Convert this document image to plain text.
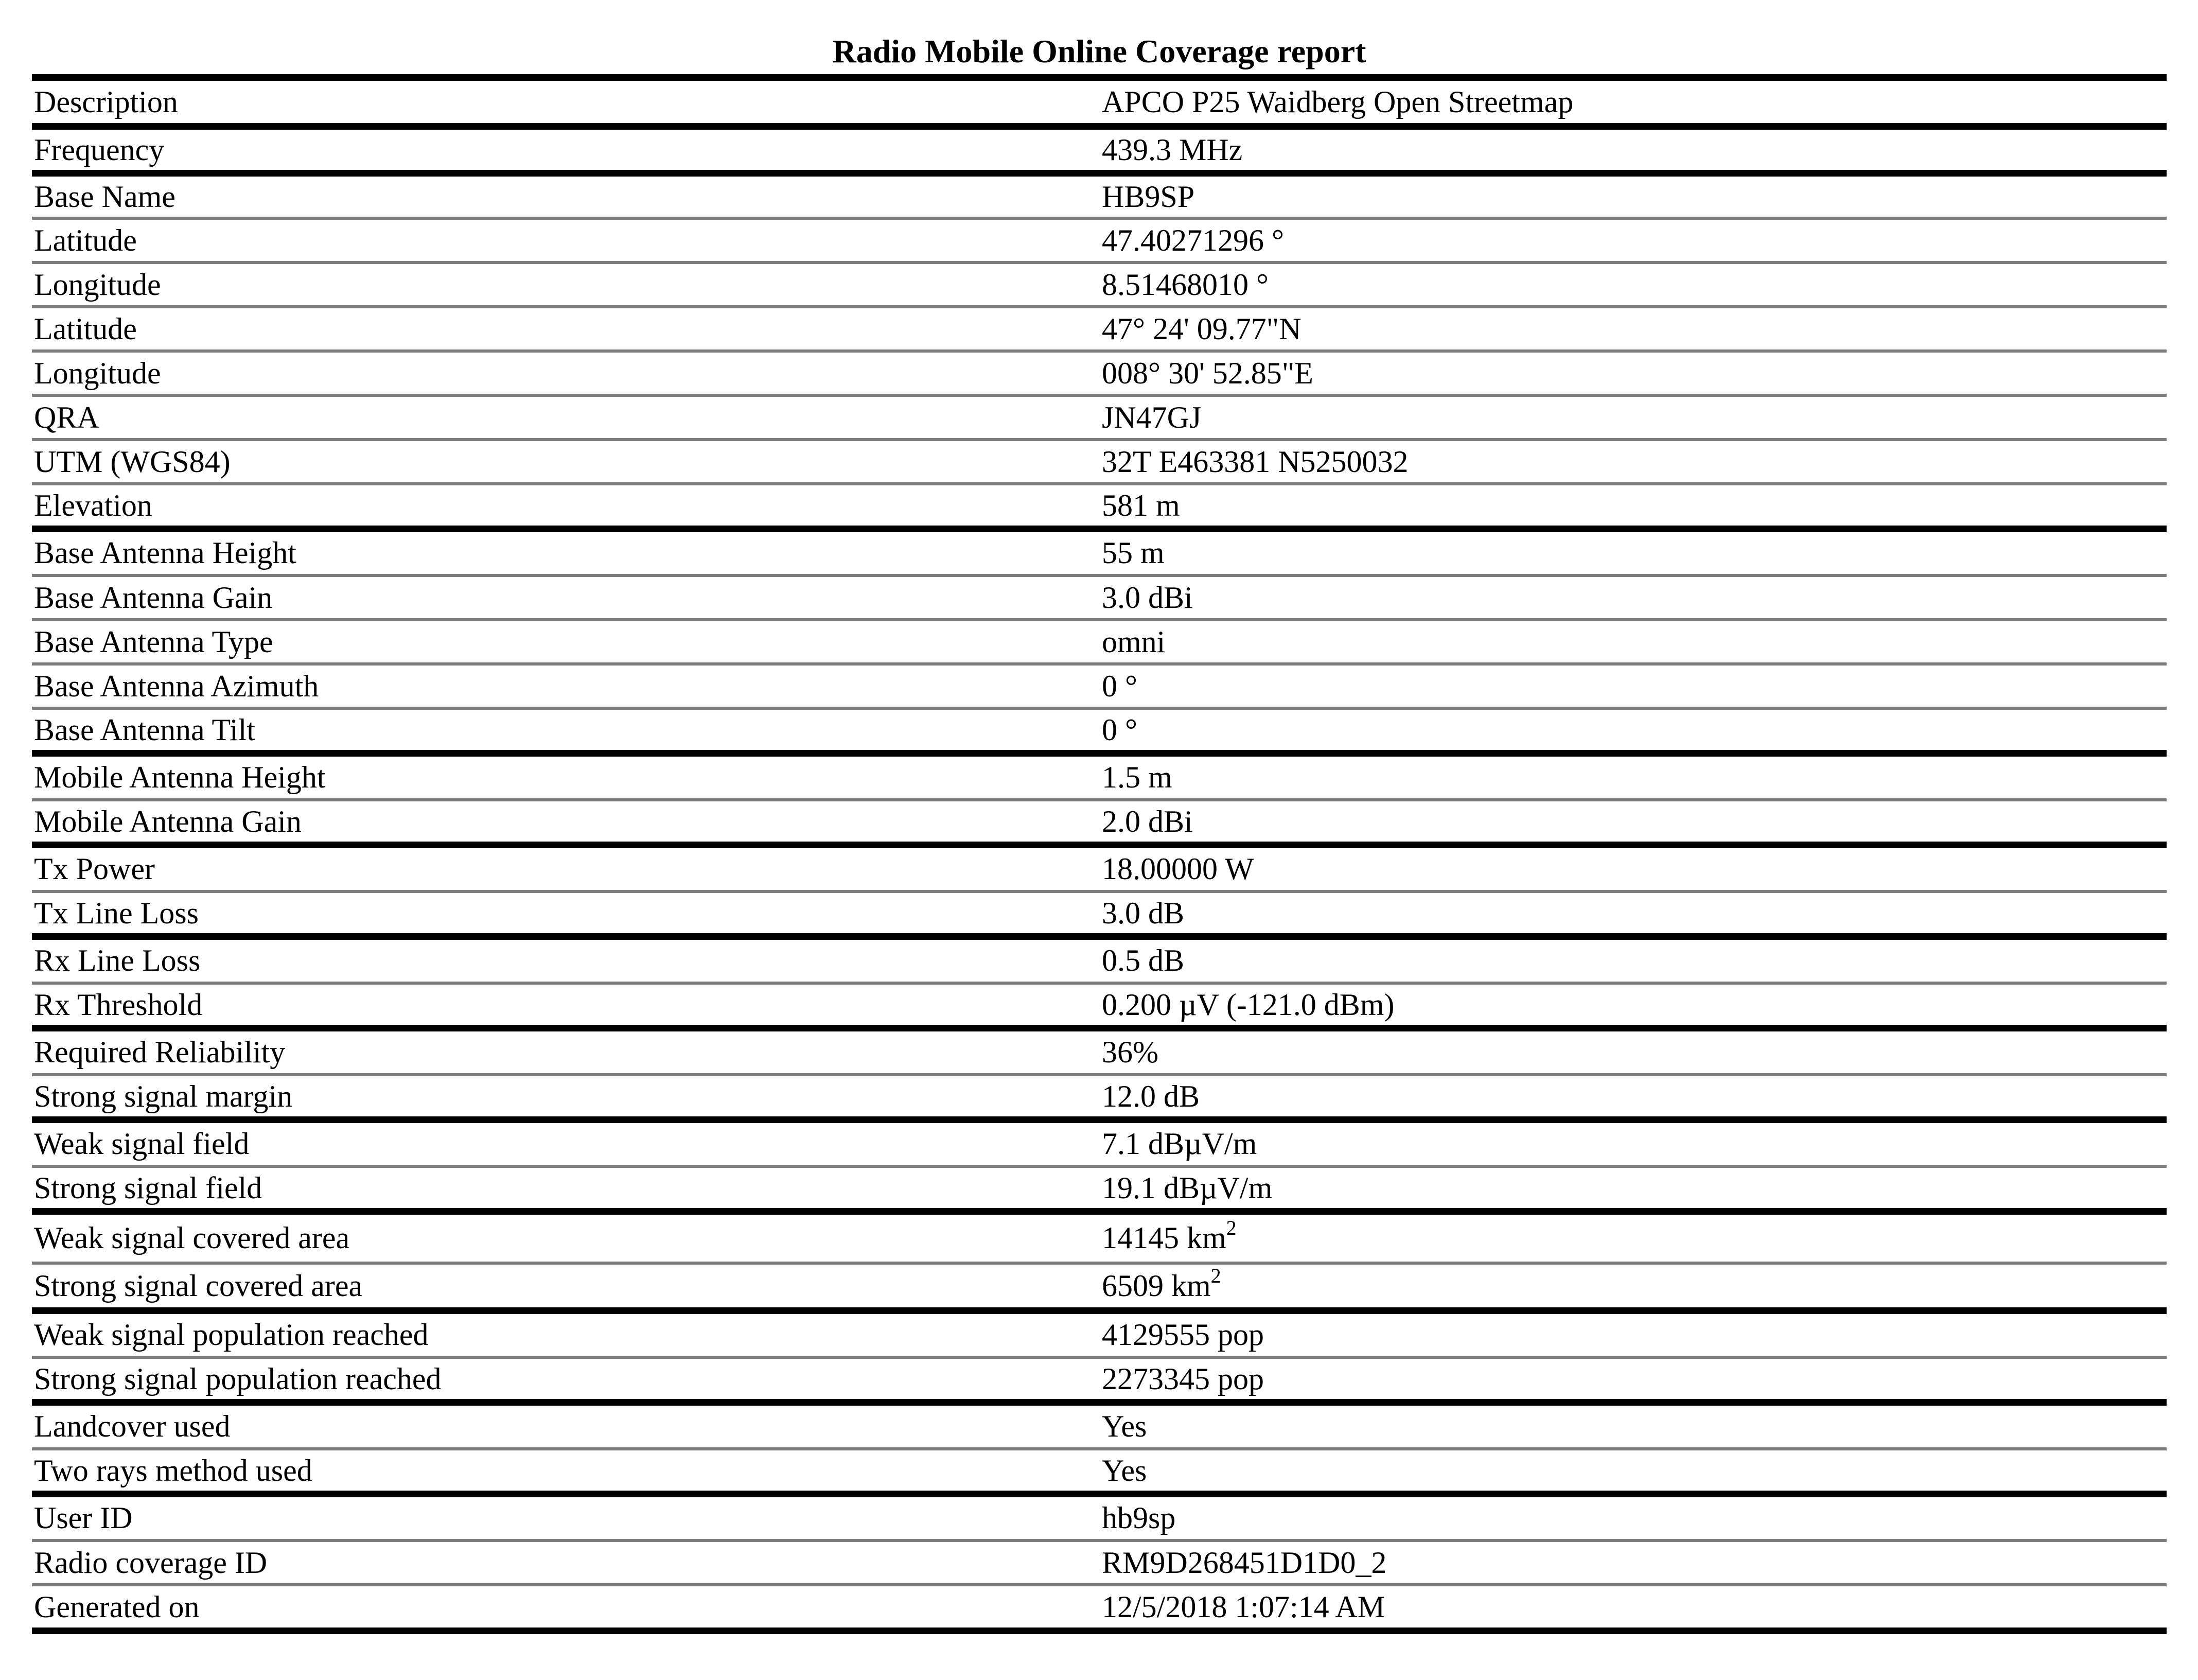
Radio Mobile Online Coverage report
Description	APCO P25 Waidberg Open Streetmap
Frequency	439.3 MHz
Base Name	HB9SP
Latitude	47.40271296 °
Longitude	8.51468010 °
Latitude	47° 24' 09.77"N
Longitude	008° 30' 52.85"E
QRA	JN47GJ
UTM (WGS84)	32T E463381 N5250032
Elevation	581 m
Base Antenna Height	55 m
Base Antenna Gain	3.0 dBi
Base Antenna Type	omni
Base Antenna Azimuth	0 °
Base Antenna Tilt	0 °
Mobile Antenna Height	1.5 m
Mobile Antenna Gain	2.0 dBi
Tx Power	18.00000 W
Tx Line Loss	3.0 dB
Rx Line Loss	0.5 dB
Rx Threshold	0.200 µV (-121.0 dBm)
Required Reliability	36%
Strong signal margin	12.0 dB
Weak signal field	7.1 dBµV/m
Strong signal field	19.1 dBµV/m
Weak signal covered area	14145 $km^2$
Strong signal covered area	6509 $km^2$
Weak signal population reached	4129555 pop
Strong signal population reached	2273345 pop
Landcover used	Yes
Two rays method used	Yes
User ID	hb9sp
Radio coverage ID	RM9D268451D1D0_2
Generated on	12/5/2018 1:07:14 AM
